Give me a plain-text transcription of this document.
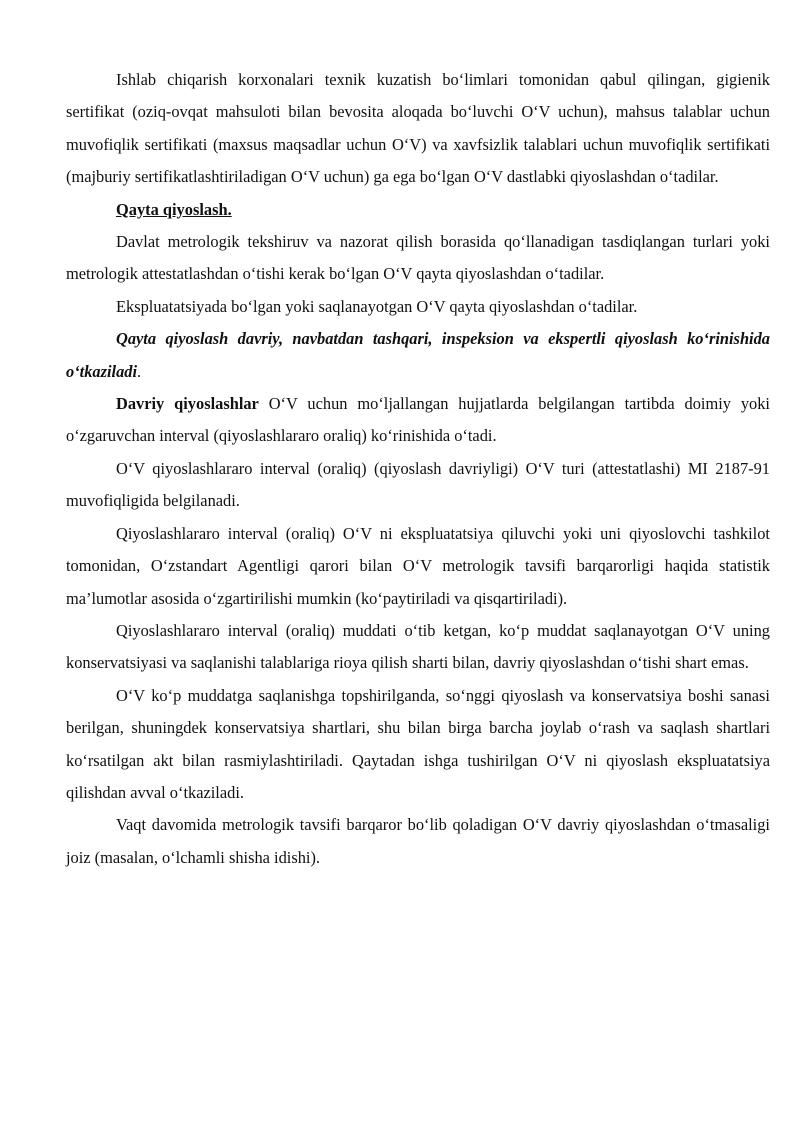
Ishlab chiqarish korxonalari texnik kuzatish bo‘limlari tomonidan qabul qilingan, gigienik sertifikat (oziq-ovqat mahsuloti bilan bevosita aloqada bo‘luvchi O‘V uchun), mahsus talablar uchun muvofiqlik sertifikati (maxsus maqsadlar uchun O‘V) va xavfsizlik talablari uchun muvofiqlik sertifikati (majburiy sertifikatlashtiriladigan O‘V uchun) ga ega bo‘lgan O‘V dastlabki qiyoslashdan o‘tadilar.

Qayta qiyoslash.

Davlat metrologik tekshiruv va nazorat qilish borasida qo‘llanadigan tasdiqlangan turlari yoki metrologik attestatlashdan o‘tishi kerak bo‘lgan O‘V qayta qiyoslashdan o‘tadilar.

Ekspluatatsiyada bo‘lgan yoki saqlanayotgan O‘V qayta qiyoslashdan o‘tadilar.

Qayta qiyoslash davriy, navbatdan tashqari, inspeksion va ekspertli qiyoslash ko‘rinishida o‘tkaziladi.

Davriy qiyoslashlar O‘V uchun mo‘ljallangan hujjatlarda belgilangan tartibda doimiy yoki o‘zgaruvchan interval (qiyoslashlararo oraliq) ko‘rinishida o‘tadi.

O‘V qiyoslashlararo interval (oraliq) (qiyoslash davriyligi) O‘V turi (attestatlashi) MI 2187-91 muvofiqligida belgilanadi.

Qiyoslashlararo interval (oraliq) O‘V ni ekspluatatsiya qiluvchi yoki uni qiyoslovchi tashkilot tomonidan, O‘zstandart Agentligi qarori bilan O‘V metrologik tavsifi barqarorligi haqida statistik ma’lumotlar asosida o‘zgartirilishi mumkin (ko‘paytiriladi va qisqartiriladi).

Qiyoslashlararo interval (oraliq) muddati o‘tib ketgan, ko‘p muddat saqlanayotgan O‘V uning konservatsiyasi va saqlanishi talablariga rioya qilish sharti bilan, davriy qiyoslashdan o‘tishi shart emas.

O‘V ko‘p muddatga saqlanishga topshirilganda, so‘nggi qiyoslash va konservatsiya boshi sanasi berilgan, shuningdek konservatsiya shartlari, shu bilan birga barcha joylab o‘rash va saqlash shartlari ko‘rsatilgan akt bilan rasmiylashtiriladi. Qaytadan ishga tushirilgan O‘V ni qiyoslash ekspluatatsiya qilishdan avval o‘tkaziladi.

Vaqt davomida metrologik tavsifi barqaror bo‘lib qoladigan O‘V davriy qiyoslashdan o‘tmasaligi joiz (masalan, o‘lchamli shisha idishi).
